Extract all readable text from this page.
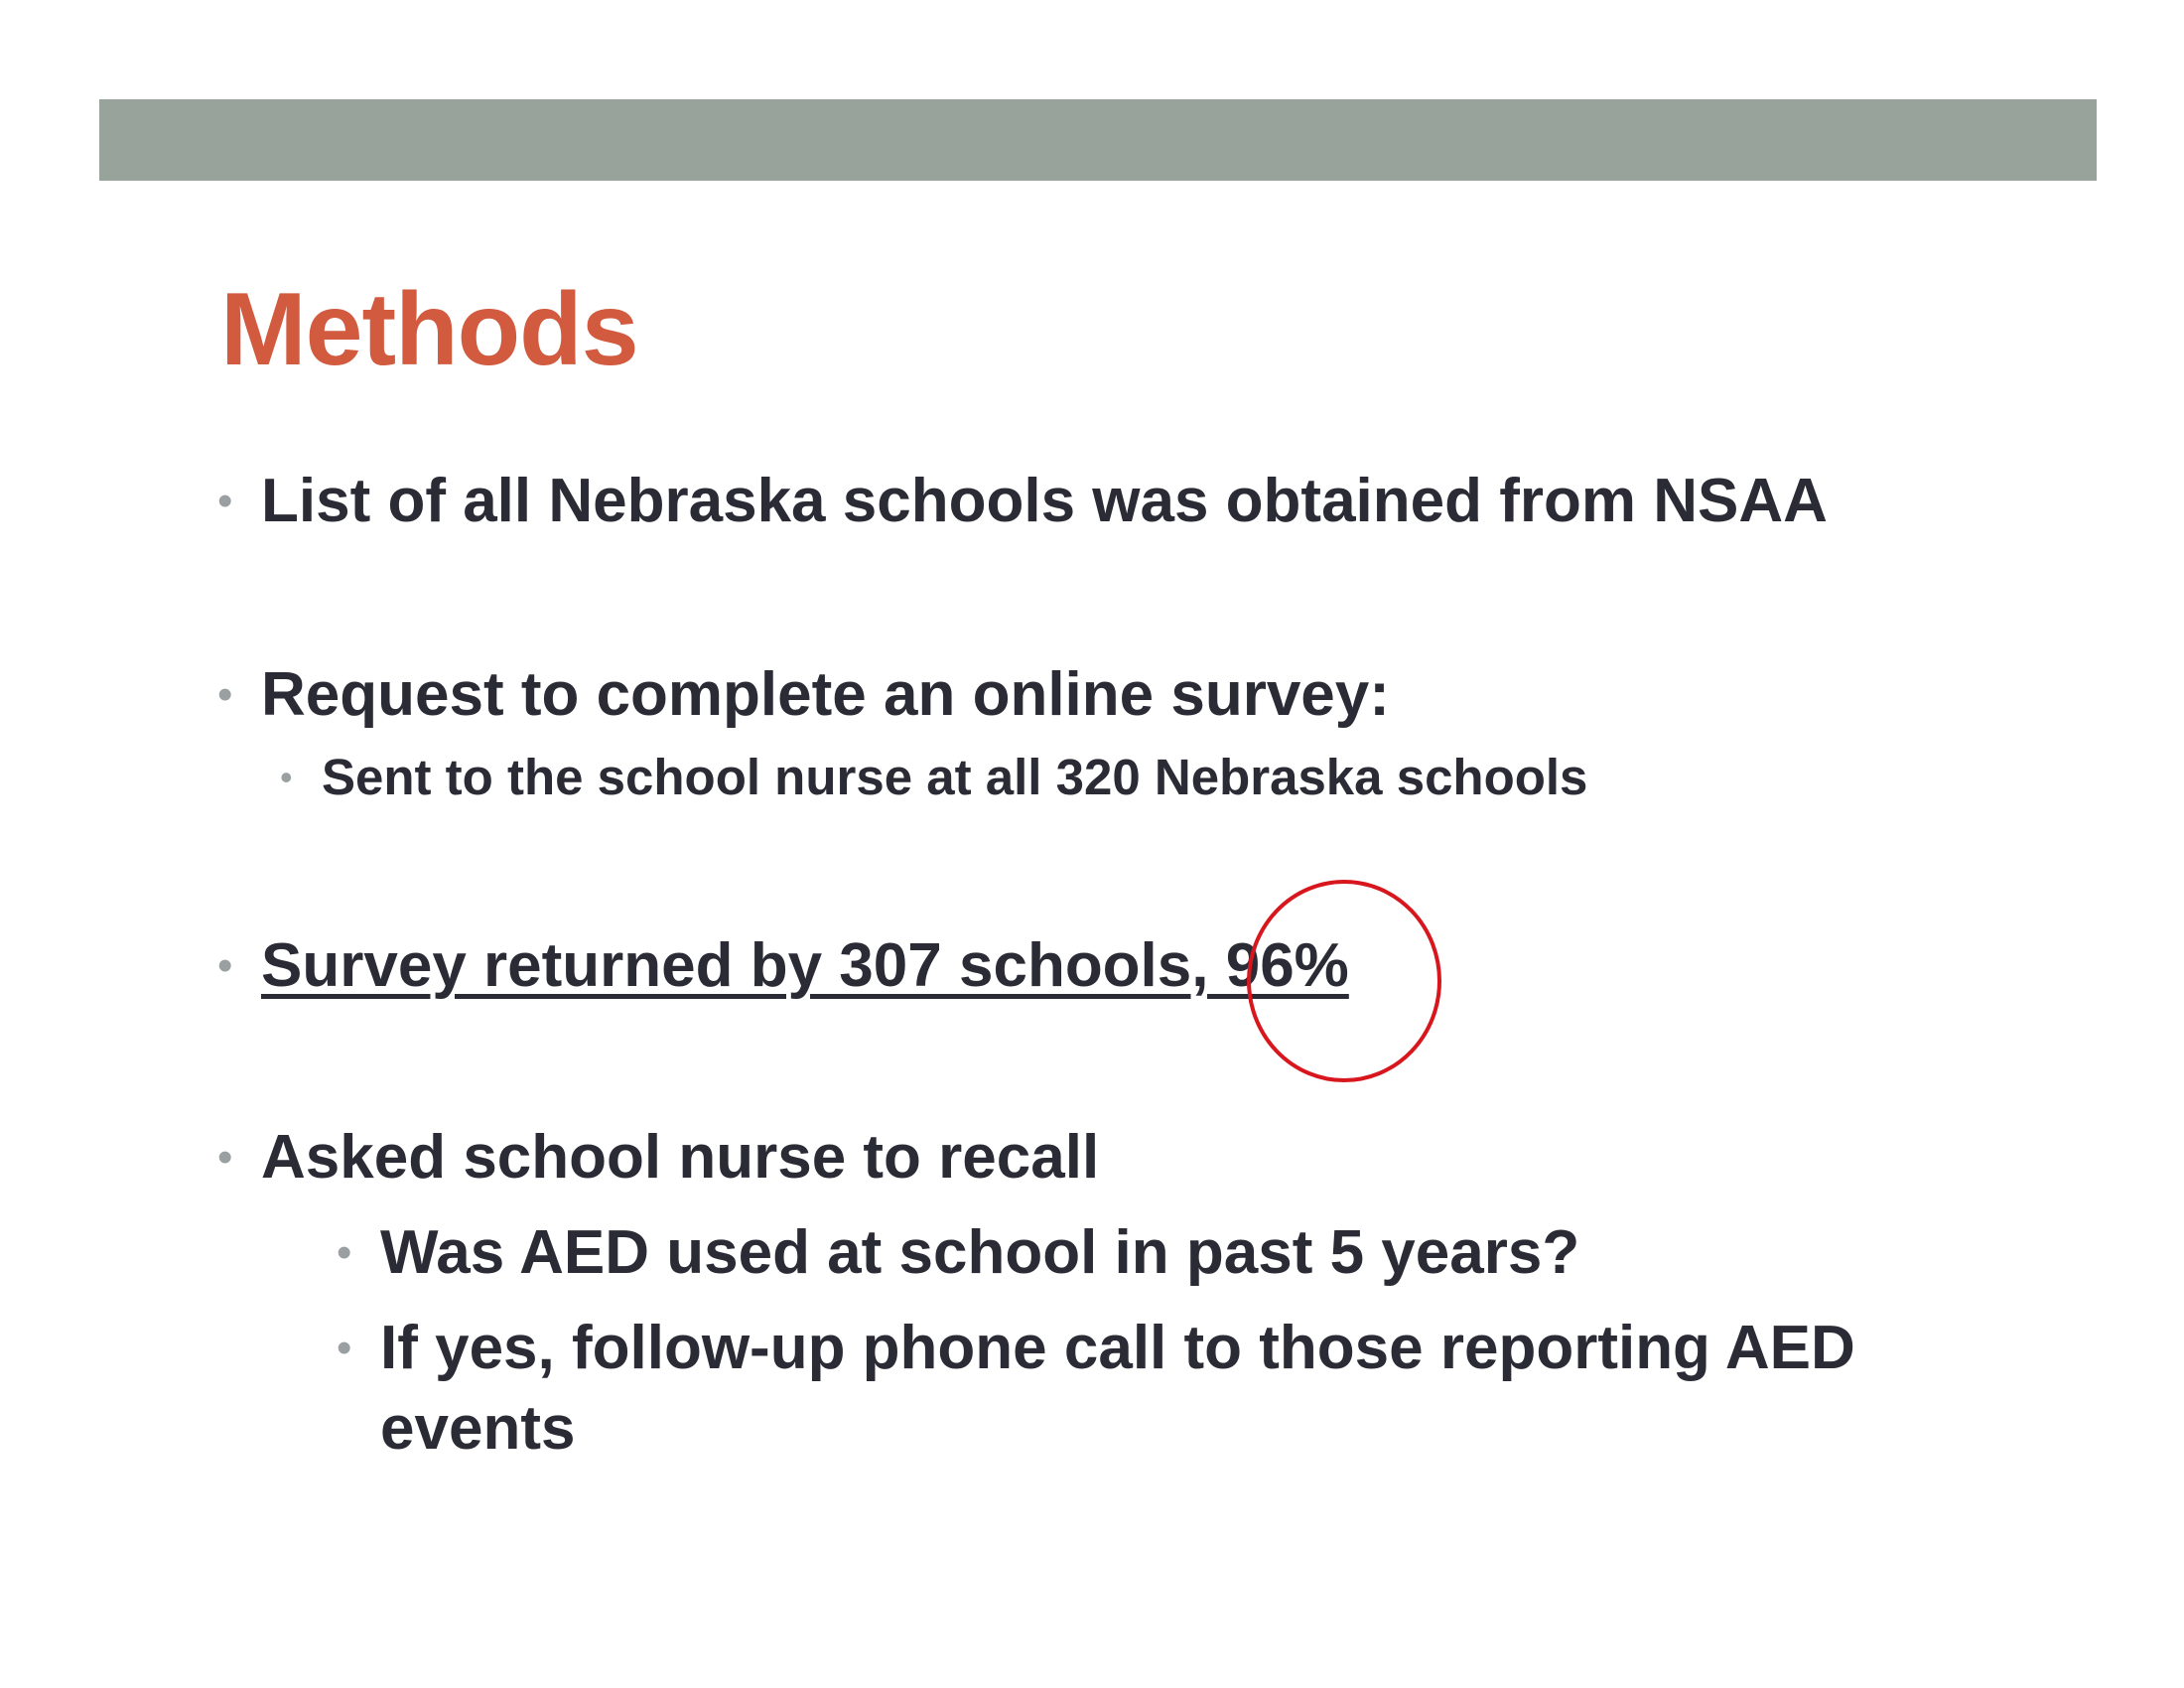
Methods
• List of all Nebraska schools was obtained from NSAA
• Request to complete an online survey:
• Sent to the school nurse at all 320 Nebraska schools
• Survey returned by 307 schools, 96%
• Asked school nurse to recall
• Was AED used at school in past 5 years?
• If yes, follow-up phone call to those reporting AED
events
